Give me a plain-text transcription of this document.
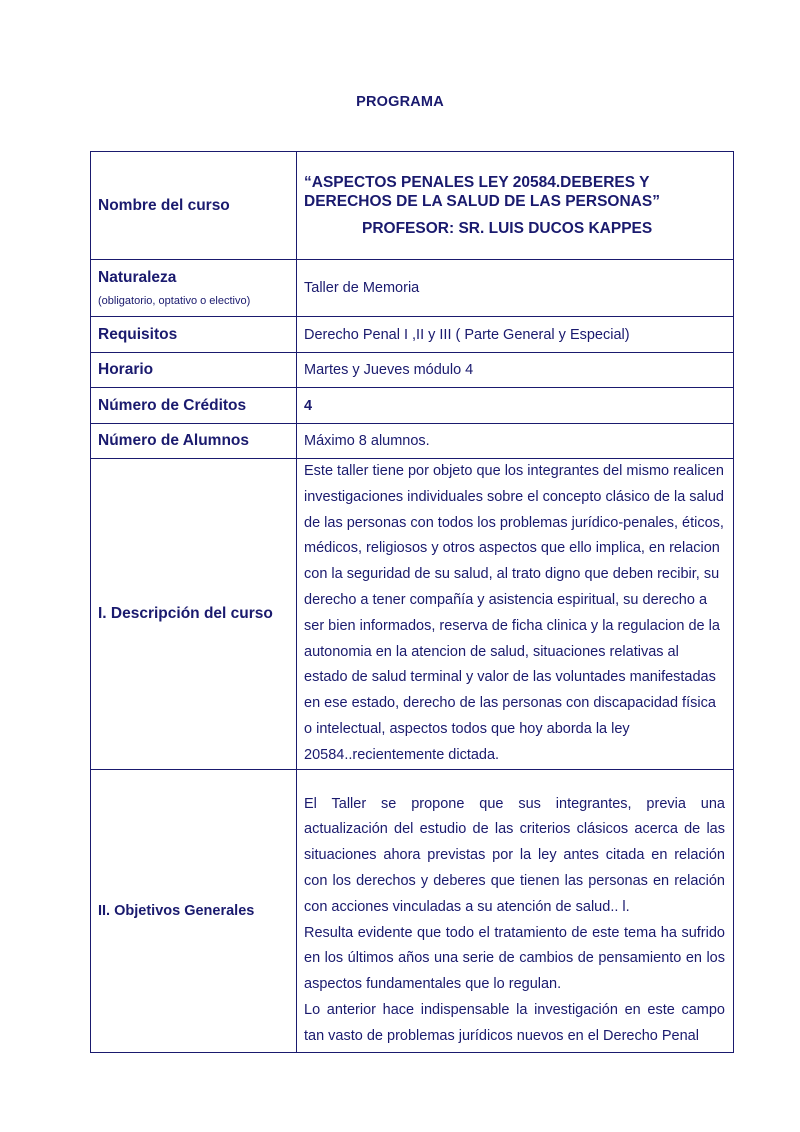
PROGRAMA
Nombre del curso	“ASPECTOS PENALES LEY 20584.DEBERES Y
DERECHOS DE LA SALUD DE LAS PERSONAS”
PROFESOR: SR. LUIS DUCOS KAPPES

Naturaleza
(obligatorio, optativo o electivo)	Taller de Memoria
Requisitos	Derecho Penal I ,II y III ( Parte General y Especial)
Horario	Martes y Jueves módulo 4
Número de Créditos	4
Número de Alumnos	Máximo 8 alumnos.
I. Descripción del curso	Este taller tiene por objeto que los integrantes del mismo realicen investigaciones individuales sobre el concepto clásico de la salud de las personas con todos los problemas jurídico-penales, éticos, médicos, religiosos y otros aspectos que ello implica, en relacion con la seguridad de su salud, al trato digno que deben recibir, su derecho a tener compañía y asistencia espiritual, su derecho a ser bien informados, reserva de ficha clinica y la regulacion de la autonomia en la atencion de salud, situaciones relativas al estado de salud terminal y valor de las voluntades manifestadas en ese estado, derecho de las personas con discapacidad física o intelectual, aspectos todos que hoy aborda la ley 20584..recientemente dictada.
II. Objetivos Generales	El Taller se propone que sus integrantes, previa una actualización del estudio de las criterios clásicos acerca de las situaciones ahora previstas por la ley antes citada en relación con los derechos y deberes que tienen las personas en relación con acciones vinculadas a su atención de salud.. l.

Resulta evidente que todo el tratamiento de este tema ha sufrido en los últimos años una serie de cambios de pensamiento en los aspectos fundamentales que lo regulan.

Lo anterior hace indispensable la investigación en este campo tan vasto de problemas jurídicos nuevos en el Derecho Penal
